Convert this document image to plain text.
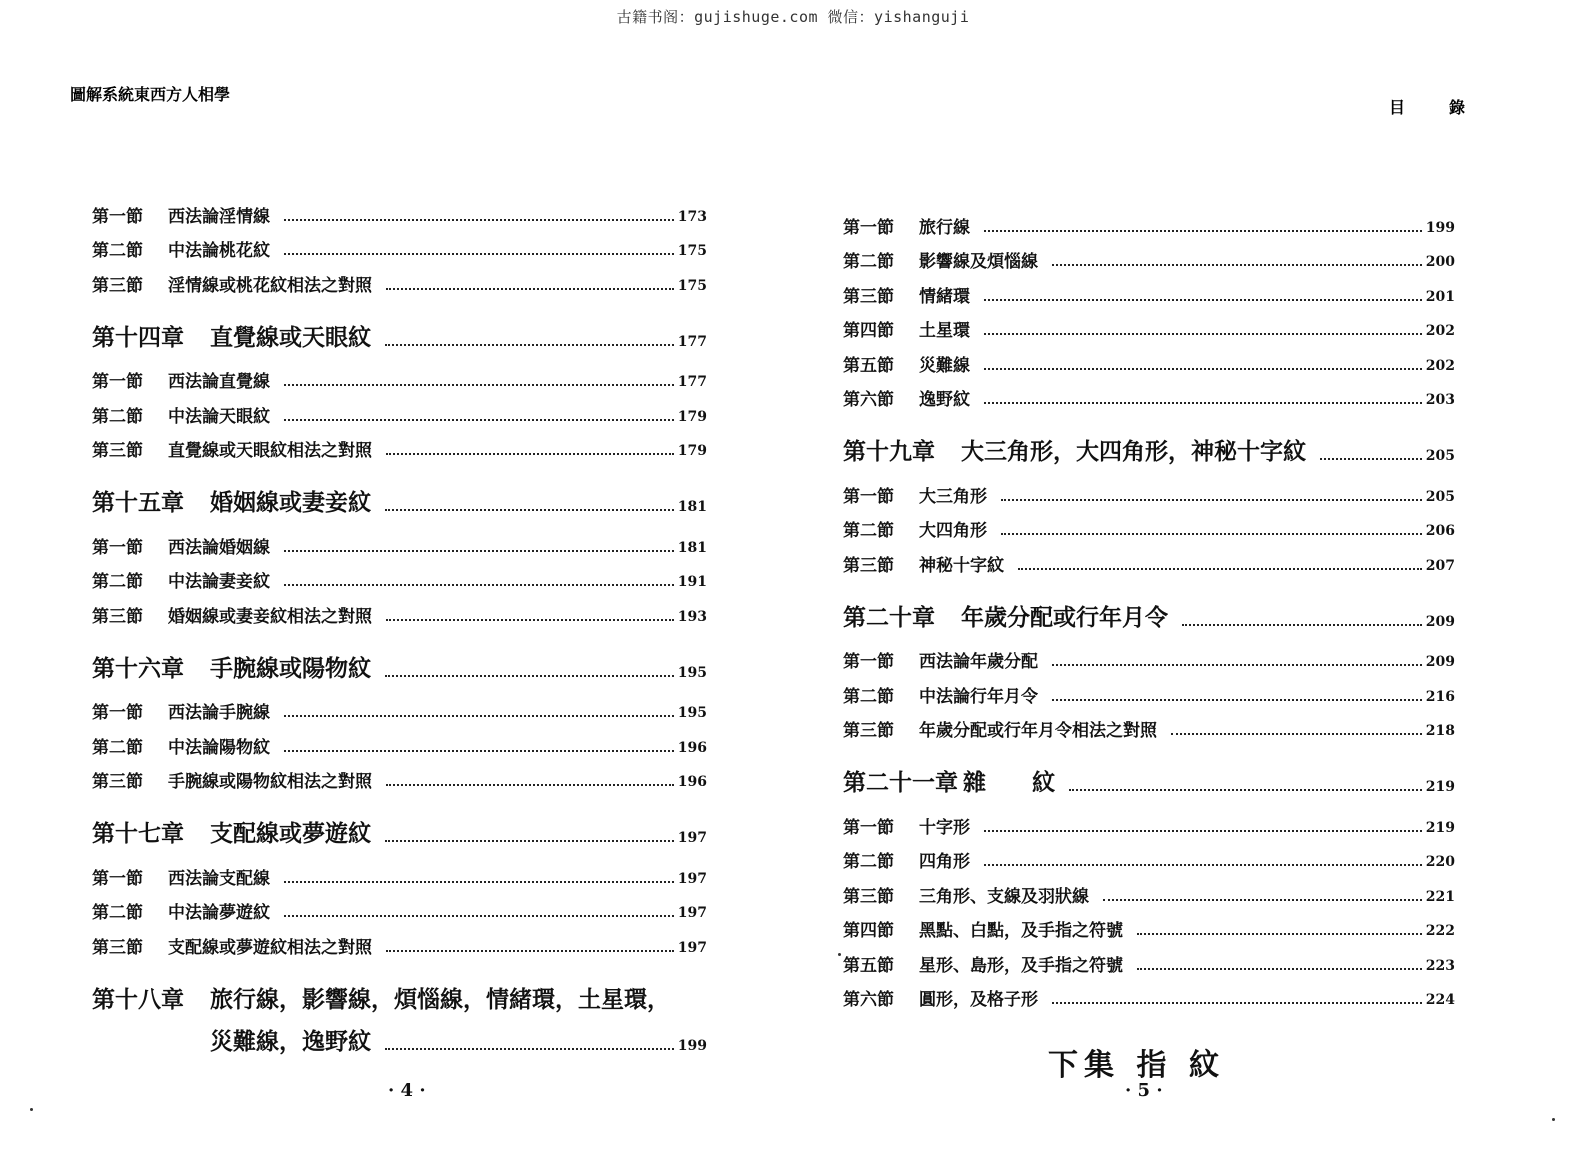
古籍书阁：gujishuge.com 微信：yishanguji
圖解系統東西方人相學
第一節	西法論淫情線	173
第二節	中法論桃花紋	175
第三節	淫情線或桃花紋相法之對照	175
第十四章	直覺線或天眼紋	177
第一節	西法論直覺線	177
第二節	中法論天眼紋	179
第三節	直覺線或天眼紋相法之對照	179
第十五章	婚姻線或妻妾紋	181
第一節	西法論婚姻線	181
第二節	中法論妻妾紋	191
第三節	婚姻線或妻妾紋相法之對照	193
第十六章	手腕線或陽物紋	195
第一節	西法論手腕線	195
第二節	中法論陽物紋	196
第三節	手腕線或陽物紋相法之對照	196
第十七章	支配線或夢遊紋	197
第一節	西法論支配線	197
第二節	中法論夢遊紋	197
第三節	支配線或夢遊紋相法之對照	197
第十八章	旅行線，影響線，煩惱線，情緒環，土星環，
災難線，逸野紋	199
· 4 ·
目錄
第一節	旅行線	199
第二節	影響線及煩惱線	200
第三節	情緒環	201
第四節	土星環	202
第五節	災難線	202
第六節	逸野紋	203
第十九章	大三角形，大四角形，神秘十字紋	205
第一節	大三角形	205
第二節	大四角形	206
第三節	神秘十字紋	207
第二十章	年歲分配或行年月令	209
第一節	西法論年歲分配	209
第二節	中法論行年月令	216
第三節	年歲分配或行年月令相法之對照	218
第二十一章 雜　　紋	219
第一節	十字形	219
第二節	四角形	220
第三節	三角形、支線及羽狀線	221
第四節	黑點、白點，及手指之符號	222
第五節	星形、島形，及手指之符號	223
第六節	圓形，及格子形	224
下集 指 紋
· 5 ·
